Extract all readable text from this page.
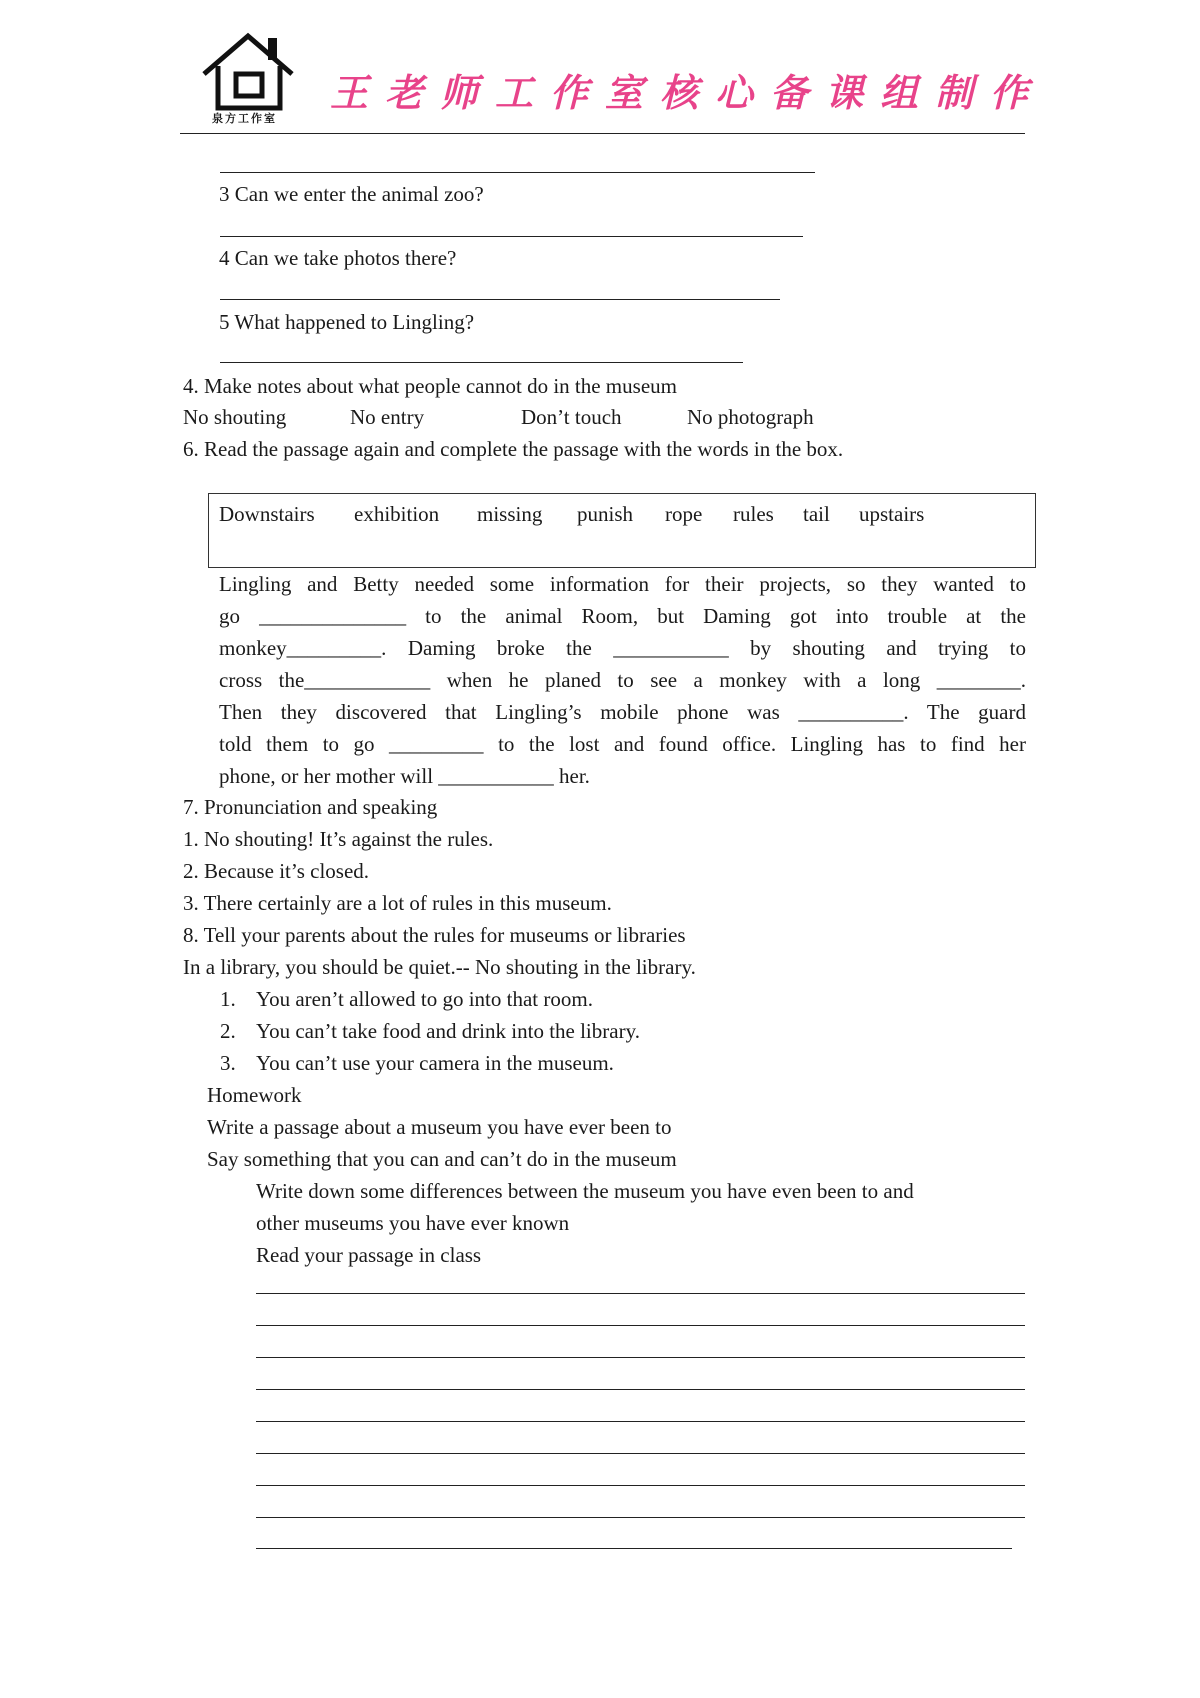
泉方工作室
王老师工作室核心备课组制作
3 Can we enter the animal zoo?
4 Can we take photos there?
5 What happened to Lingling?
4. Make notes about what people cannot do in the museum
No shouting	No entry	Don’t touch	No photograph
6. Read the passage again and complete the passage with the words in the box.
Downstairs exhibition missing punish rope rules tail upstairs
Lingling and Betty needed some information for their projects, so they wanted to
go ______________ to the animal Room, but Daming got into trouble at the
monkey_________. Daming broke the ___________ by shouting and trying to
cross the____________ when he planed to see a monkey with a long ________.
Then they discovered that Lingling’s mobile phone was __________. The guard
told them to go _________ to the lost and found office. Lingling has to find her
phone, or her mother will ___________ her.
7. Pronunciation and speaking
1. No shouting! It’s against the rules.
2. Because it’s closed.
3. There certainly are a lot of rules in this museum.
8. Tell your parents about the rules for museums or libraries
In a library, you should be quiet.-- No shouting in the library.
1. You aren’t allowed to go into that room.
2. You can’t take food and drink into the library.
3. You can’t use your camera in the museum.
Homework
Write a passage about a museum you have ever been to
Say something that you can and can’t do in the museum
Write down some differences between the museum you have even been to and
other museums you have ever known
Read your passage in class
